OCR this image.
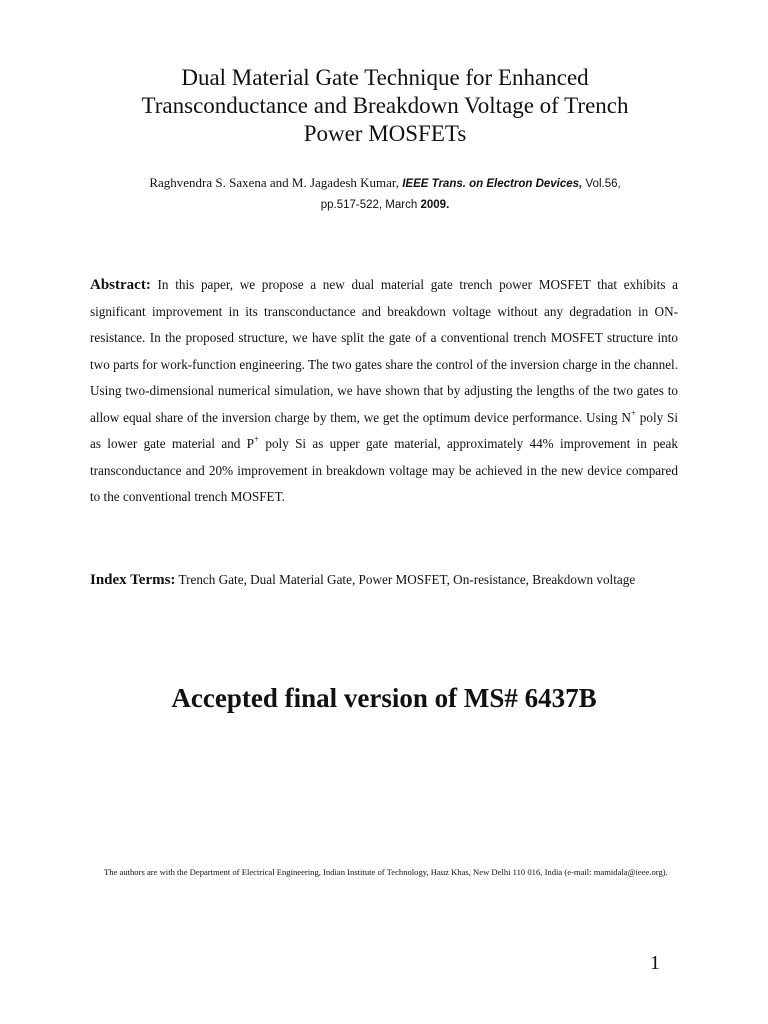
Dual Material Gate Technique for Enhanced
Transconductance and Breakdown Voltage of Trench
Power MOSFETs
Raghvendra S. Saxena and M. Jagadesh Kumar, IEEE Trans. on Electron Devices, Vol.56,
pp.517-522, March 2009.
Abstract: In this paper, we propose a new dual material gate trench power MOSFET that exhibits a significant improvement in its transconductance and breakdown voltage without any degradation in ON-resistance. In the proposed structure, we have split the gate of a conventional trench MOSFET structure into two parts for work-function engineering. The two gates share the control of the inversion charge in the channel. Using two-dimensional numerical simulation, we have shown that by adjusting the lengths of the two gates to allow equal share of the inversion charge by them, we get the optimum device performance. Using N+ poly Si as lower gate material and P+ poly Si as upper gate material, approximately 44% improvement in peak transconductance and 20% improvement in breakdown voltage may be achieved in the new device compared to the conventional trench MOSFET.
Index Terms: Trench Gate, Dual Material Gate, Power MOSFET, On-resistance, Breakdown voltage
Accepted final version of MS# 6437B
The authors are with the Department of Electrical Engineering, Indian Institute of Technology, Hauz Khas, New Delhi 110 016, India (e-mail: mamidala@ieee.org).
1
